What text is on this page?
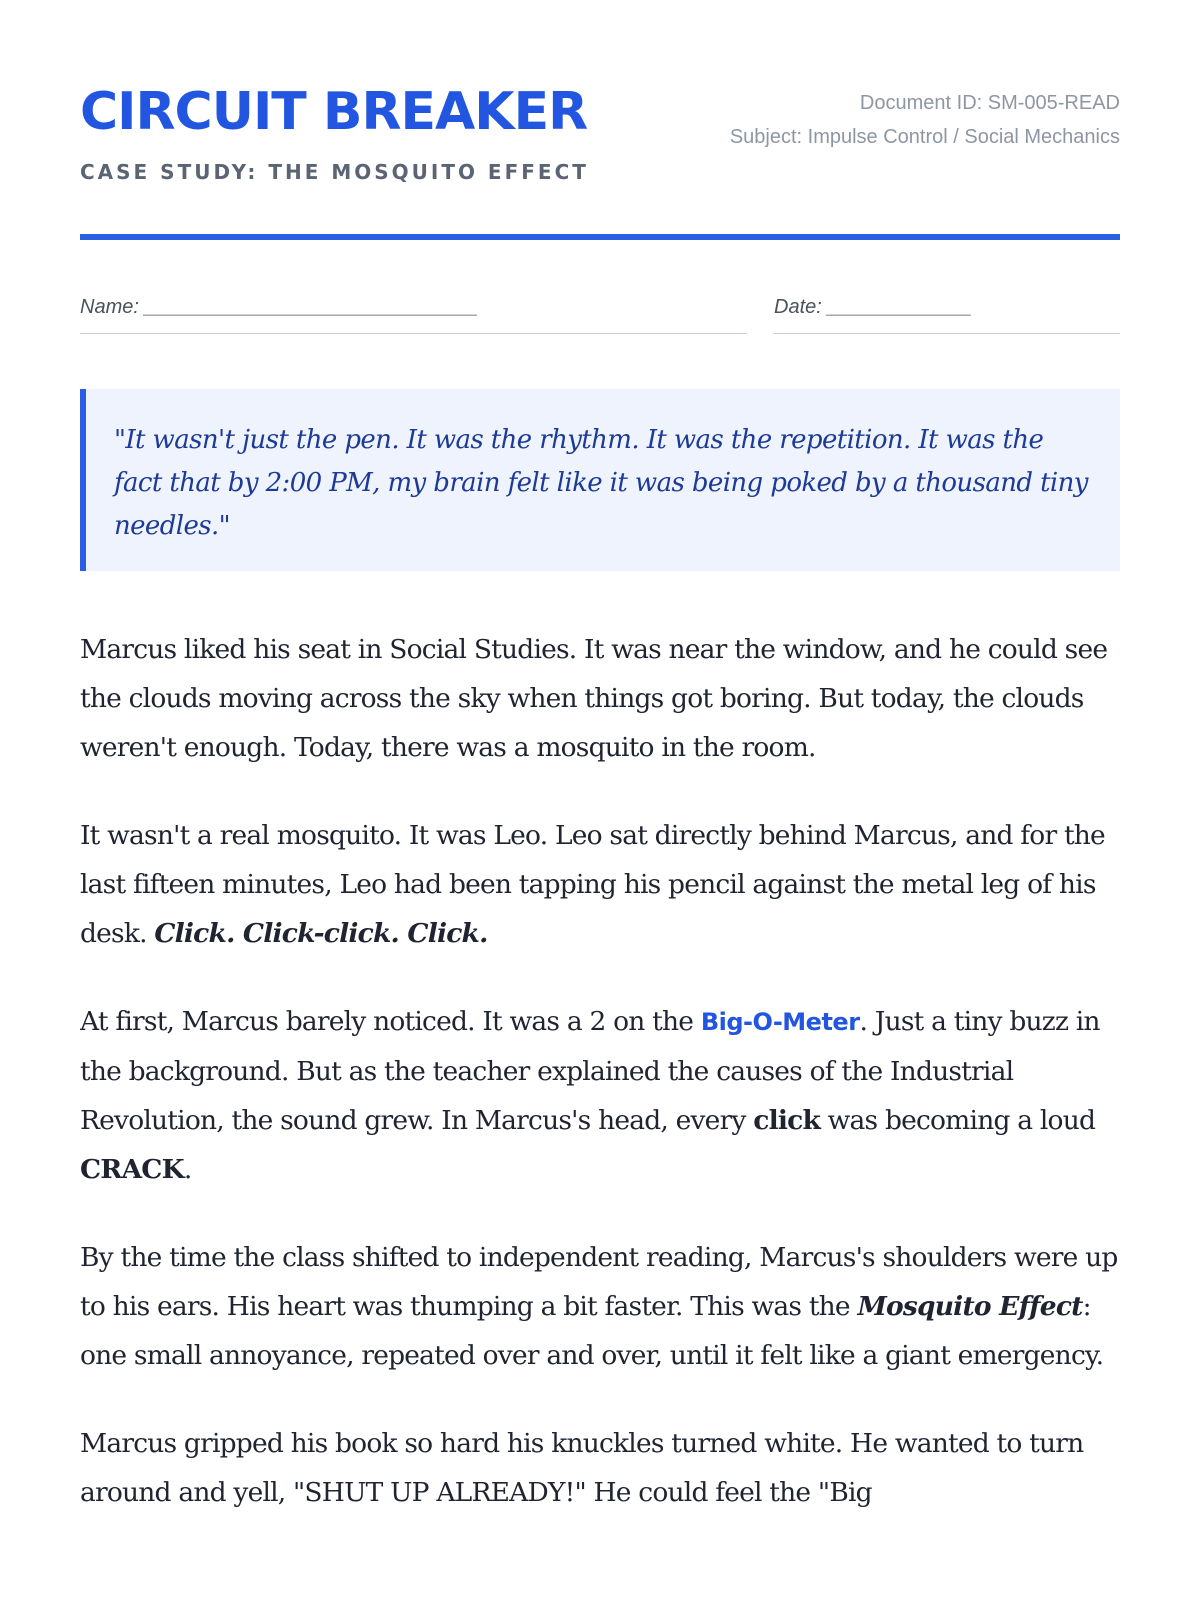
CIRCUIT BREAKER
CASE STUDY: THE MOSQUITO EFFECT
Document ID: SM-005-READ
Subject: Impulse Control / Social Mechanics
Name: ______________________________	Date: _____________

"It wasn't just the pen. It was the rhythm. It was the repetition. It was the fact that by 2:00 PM, my brain felt like it was being poked by a thousand tiny needles."

Marcus liked his seat in Social Studies. It was near the window, and he could see the clouds moving across the sky when things got boring. But today, the clouds weren't enough. Today, there was a mosquito in the room.

It wasn't a real mosquito. It was Leo. Leo sat directly behind Marcus, and for the last fifteen minutes, Leo had been tapping his pencil against the metal leg of his desk. Click. Click-click. Click.

At first, Marcus barely noticed. It was a 2 on the Big-O-Meter. Just a tiny buzz in the background. But as the teacher explained the causes of the Industrial Revolution, the sound grew. In Marcus's head, every click was becoming a loud CRACK.

By the time the class shifted to independent reading, Marcus's shoulders were up to his ears. His heart was thumping a bit faster. This was the Mosquito Effect: one small annoyance, repeated over and over, until it felt like a giant emergency.

Marcus gripped his book so hard his knuckles turned white. He wanted to turn around and yell, "SHUT UP ALREADY!" He could feel the "Big
